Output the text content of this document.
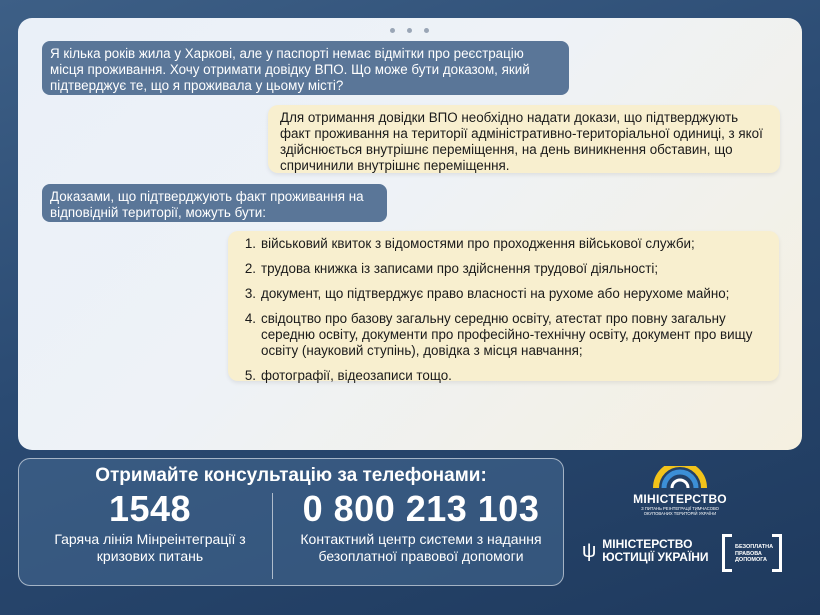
Я кілька років жила у Харкові, але у паспорті немає відмітки про реєстрацію місця проживання. Хочу отримати довідку ВПО. Що може бути доказом, який підтверджує те, що я проживала у цьому місті?
Для отримання довідки ВПО необхідно надати докази, що підтверджують факт проживання на території адміністративно-територіальної одиниці, з якої здійснюється внутрішнє переміщення, на день виникнення обставин, що спричинили внутрішнє переміщення.
Доказами, що підтверджують факт проживання на відповідній території, можуть бути:
1. військовий квиток з відомостями про проходження військової служби;
2. трудова книжка із записами про здійснення трудової діяльності;
3. документ, що підтверджує право власності на рухоме або нерухоме майно;
4. свідоцтво про базову загальну середню освіту, атестат про повну загальну середню освіту, документи про професійно-технічну освіту, документ про вищу освіту (науковий ступінь), довідка з місця навчання;
5. фотографії, відеозаписи тощо.
Отримайте консультацію за телефонами:
1548
Гаряча лінія Мінреінтеграції з кризових питань
0 800 213 103
Контактний центр системи з надання безоплатної правової допомоги
МІНІСТЕРСТВО
З ПИТАНЬ РЕІНТЕГРАЦІЇ ТИМЧАСОВО ОКУПОВАНИХ ТЕРИТОРІЙ УКРАЇНИ
ψ МІНІСТЕРСТВО ЮСТИЦІЇ УКРАЇНИ
БЕЗОПЛАТНА ПРАВОВА ДОПОМОГА
